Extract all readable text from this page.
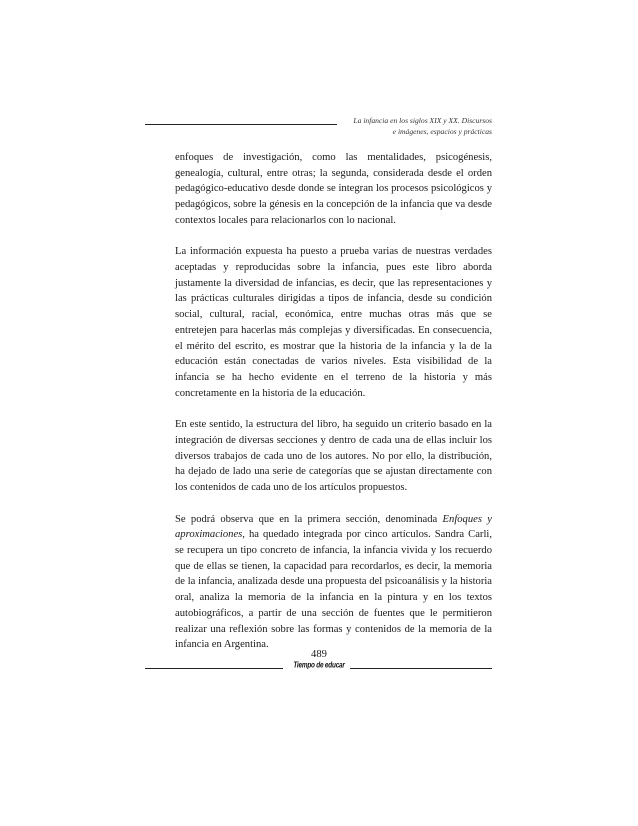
La infancia en los siglos XIX y XX. Discursos
e imágenes, espacios y prácticas

enfoques de investigación, como las mentalidades, psicogénesis, genealogía, cultural, entre otras; la segunda, considerada desde el orden pedagógico-educativo desde donde se integran los procesos psicológicos y pedagógicos, sobre la génesis en la concepción de la infancia que va desde contextos locales para relacionarlos con lo nacional.

La información expuesta ha puesto a prueba varias de nuestras verdades aceptadas y reproducidas sobre la infancia, pues este libro aborda justamente la diversidad de infancias, es decir, que las representaciones y las prácticas culturales dirigidas a tipos de infancia, desde su condición social, cultural, racial, económica, entre muchas otras más que se entretejen para hacerlas más complejas y diversificadas. En consecuencia, el mérito del escrito, es mostrar que la historia de la infancia y la de la educación están conectadas de varios niveles. Esta visibilidad de la infancia se ha hecho evidente en el terreno de la historia y más concretamente en la historia de la educación.

En este sentido, la estructura del libro, ha seguido un criterio basado en la integración de diversas secciones y dentro de cada una de ellas incluir los diversos trabajos de cada uno de los autores. No por ello, la distribución, ha dejado de lado una serie de categorías que se ajustan directamente con los contenidos de cada uno de los artículos propuestos.

Se podrá observa que en la primera sección, denominada Enfoques y aproximaciones, ha quedado integrada por cinco artículos. Sandra Carli, se recupera un tipo concreto de infancia, la infancia vivida y los recuerdo que de ellas se tienen, la capacidad para recordarlos, es decir, la memoria de la infancia, analizada desde una propuesta del psicoanálisis y la historia oral, analiza la memoria de la infancia en la pintura y en los textos autobiográficos, a partir de una sección de fuentes que le permitieron realizar una reflexión sobre las formas y contenidos de la memoria de la infancia en Argentina.

489
Tiempo de educar
